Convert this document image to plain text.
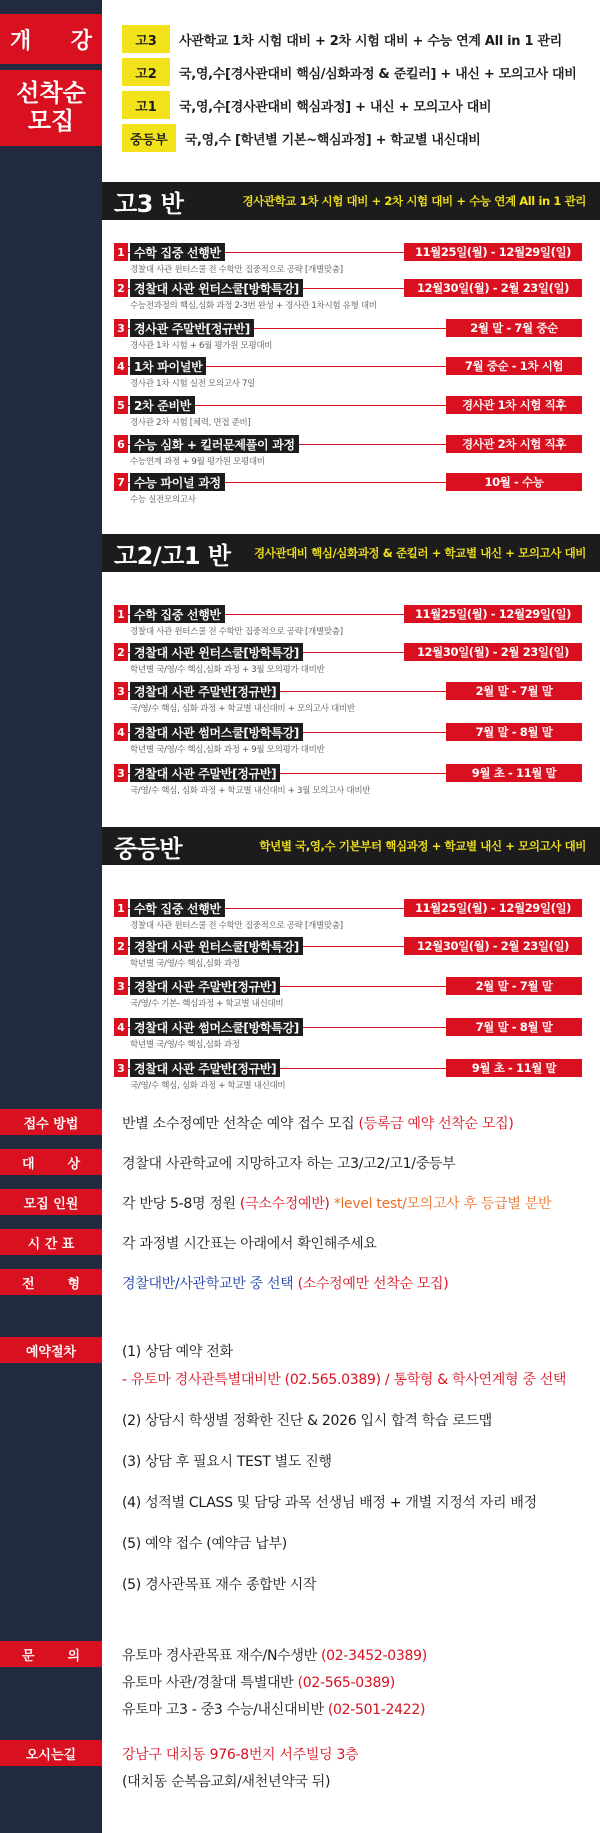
개 강
선착순
모집
고3	사관학교 1차 시험 대비 + 2차 시험 대비 + 수능 연계 All in 1 관리
고2	국,영,수[경사관대비 핵심/심화과정 & 준킬러] + 내신 + 모의고사 대비
고1	국,영,수[경사관대비 핵심과정] + 내신 + 모의고사 대비
중등부	국,영,수 [학년별 기본~핵심과정] + 학교별 내신대비
고3 반	경사관학교 1차 시험 대비 + 2차 시험 대비 + 수능 연계 All in 1 관리
1 수학 집중 선행반	11월25일(월) - 12월29일(일)
경찰대 사관 윈터스쿨 전 수학만 집중적으로 공략 [개별맞춤]
2 경찰대 사관 윈터스쿨[방학특강]	12월30일(월) - 2월 23일(일)
수능전과정의 핵심,심화 과정 2-3번 완성 + 경사관 1차시험 유형 대비
3 경사관 주말반[정규반]	2월 말 - 7월 중순
경사관 1차 시험 + 6월 평가원 모평대비
4 1차 파이널반	7월 중순 - 1차 시험
경사관 1차 시험 실전 모의고사 7일
5 2차 준비반	경사관 1차 시험 직후
경사관 2차 시험 [체력, 면접 준비]
6 수능 심화 + 킬러문제풀이 과정	경사관 2차 시험 직후
수능연계 과정 + 9월 평가원 모평대비
7 수능 파이널 과정	10월 - 수능
수능 실전모의고사
고2/고1 반 경사관대비 핵심/심화과정 & 준킬러 + 학교별 내신 + 모의고사 대비
1 수학 집중 선행반	11월25일(월) - 12월29일(일)
경찰대 사관 윈터스쿨 전 수학만 집중적으로 공략 [개별맞춤]
2 경찰대 사관 윈터스쿨[방학특강]	12월30일(월) - 2월 23일(일)
학년별 국/영/수 핵심,심화 과정 + 3월 모의평가 대비반
3 경찰대 사관 주말반[정규반]	2월 말 - 7월 말
국/영/수 핵심, 심화 과정 + 학교별 내신대비 + 모의고사 대비반
4 경찰대 사관 썸머스쿨[방학특강]	7월 말 - 8월 말
학년별 국/영/수 핵심,심화 과정 + 9월 모의평가 대비반
3 경찰대 사관 주말반[정규반]	9월 초 - 11월 말
국/영/수 핵심, 심화 과정 + 학교별 내신대비 + 3월 모의고사 대비반
중등반	학년별 국,영,수 기본부터 핵심과정 + 학교별 내신 + 모의고사 대비
1 수학 집중 선행반	11월25일(월) - 12월29일(일)
경찰대 사관 윈터스쿨 전 수학만 집중적으로 공략 [개별맞춤]
2 경찰대 사관 윈터스쿨[방학특강]	12월30일(월) - 2월 23일(일)
학년별 국/영/수 핵심,심화 과정
3 경찰대 사관 주말반[정규반]	2월 말 - 7월 말
국/영/수 기본- 핵심과정 + 학교별 내신대비
4 경찰대 사관 썸머스쿨[방학특강]	7월 말 - 8월 말
학년별 국/영/수 핵심,심화 과정
3 경찰대 사관 주말반[정규반]	9월 초 - 11월 말
국/영/수 핵심, 심화 과정 + 학교별 내신대비
접수 방법	반별 소수정예만 선착순 예약 접수 모집 (등록금 예약 선착순 모집)
대	상	경찰대 사관학교에 지망하고자 하는 고3/고2/고1/중등부
모집 인원	각 반당 5-8명 정원 (극소수정예반) *level test/모의고사 후 등급별 분반
시 간 표	각 과정별 시간표는 아래에서 확인해주세요
전	형	경찰대반/사관학교반 중 선택 (소수정예만 선착순 모집)
예약절차	(1) 상담 예약 전화
- 유토마 경사관특별대비반 (02.565.0389) / 통학형 & 학사연계형 중 선택
(2) 상담시 학생별 정확한 진단 & 2026 입시 합격 학습 로드맵
(3) 상담 후 필요시 TEST 별도 진행
(4) 성적별 CLASS 및 담당 과목 선생님 배정 + 개별 지정석 자리 배정
(5) 예약 접수 (예약금 납부)
(5) 경사관목표 재수 종합반 시작
문	의	유토마 경사관목표 재수/N수생반 (02-3452-0389)
유토마 사관/경찰대 특별대반 (02-565-0389)
유토마 고3 - 중3 수능/내신대비반 (02-501-2422)
오시는길	강남구 대치동 976-8번지 서주빌딩 3층
(대치동 순복음교회/새천년약국 뒤)
